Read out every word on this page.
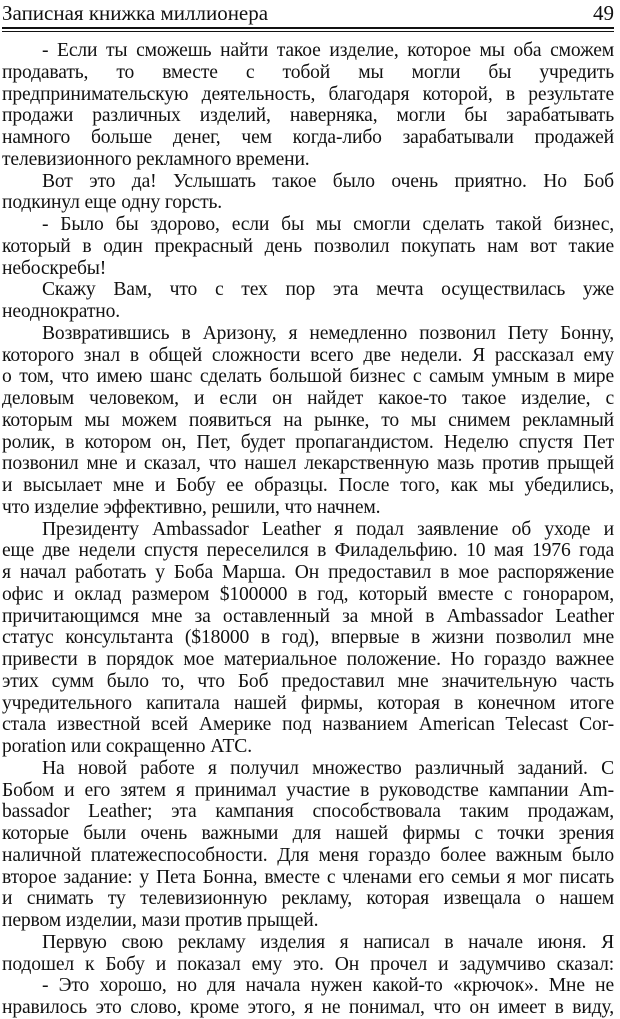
Записная книжка миллионера	49
- Если ты сможешь найти такое изделие, которое мы оба сможем
продавать, то вместе с тобой мы могли бы учредить
предпринимательскую деятельность, благодаря которой, в результате
продажи различных изделий, наверняка, могли бы зарабатывать
намного больше денег, чем когда-либо зарабатывали продажей
телевизионного рекламного времени.
Вот это да! Услышать такое было очень приятно. Но Боб
подкинул еще одну горсть.
- Было бы здорово, если бы мы смогли сделать такой бизнес,
который в один прекрасный день позволил покупать нам вот такие
небоскребы!
Скажу Вам, что с тех пор эта мечта осуществилась уже
неоднократно.
Возвратившись в Аризону, я немедленно позвонил Пету Бонну,
которого знал в общей сложности всего две недели. Я рассказал ему
о том, что имею шанс сделать большой бизнес с самым умным в мире
деловым человеком, и если он найдет какое-то такое изделие, с
которым мы можем появиться на рынке, то мы снимем рекламный
ролик, в котором он, Пет, будет пропагандистом. Неделю спустя Пет
позвонил мне и сказал, что нашел лекарственную мазь против прыщей
и высылает мне и Бобу ее образцы. После того, как мы убедились,
что изделие эффективно, решили, что начнем.
Президенту Ambassador Leather я подал заявление об уходе и
еще две недели спустя переселился в Филадельфию. 10 мая 1976 года
я начал работать у Боба Марша. Он предоставил в мое распоряжение
офис и оклад размером $100000 в год, который вместе с гонораром,
причитающимся мне за оставленный за мной в Ambassador Leather
статус консультанта ($18000 в год), впервые в жизни позволил мне
привести в порядок мое материальное положение. Но гораздо важнее
этих сумм было то, что Боб предоставил мне значительную часть
учредительного капитала нашей фирмы, которая в конечном итоге
стала известной всей Америке под названием American Telecast Cor-
poration или сокращенно АТС.
На новой работе я получил множество различный заданий. С
Бобом и его зятем я принимал участие в руководстве кампании Am-
bassador Leather; эта кампания способствовала таким продажам,
которые были очень важными для нашей фирмы с точки зрения
наличной платежеспособности. Для меня гораздо более важным было
второе задание: у Пета Бонна, вместе с членами его семьи я мог писать
и снимать ту телевизионную рекламу, которая извещала о нашем
первом изделии, мази против прыщей.
Первую свою рекламу изделия я написал в начале июня. Я
подошел к Бобу и показал ему это. Он прочел и задумчиво сказал:
- Это хорошо, но для начала нужен какой-то «крючок». Мне не
нравилось это слово, кроме этого, я не понимал, что он имеет в виду,
